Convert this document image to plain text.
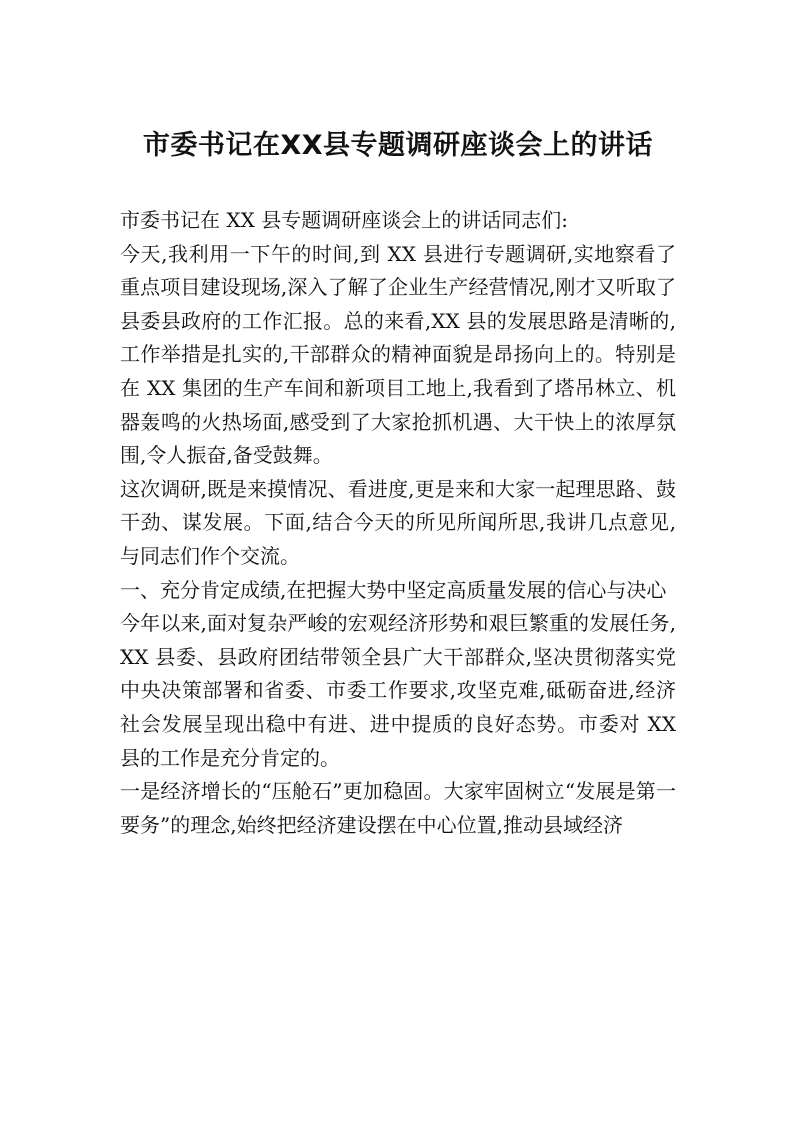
市委书记在XX县专题调研座谈会上的讲话

市委书记在 XX 县专题调研座谈会上的讲话同志们:

今天,我利用一下午的时间,到 XX 县进行专题调研,实地察看了重点项目建设现场,深入了解了企业生产经营情况,刚才又听取了县委县政府的工作汇报。总的来看,XX 县的发展思路是清晰的,工作举措是扎实的,干部群众的精神面貌是昂扬向上的。特别是在 XX 集团的生产车间和新项目工地上,我看到了塔吊林立、机器轰鸣的火热场面,感受到了大家抢抓机遇、大干快上的浓厚氛围,令人振奋,备受鼓舞。

这次调研,既是来摸情况、看进度,更是来和大家一起理思路、鼓干劲、谋发展。下面,结合今天的所见所闻所思,我讲几点意见,与同志们作个交流。

一、充分肯定成绩,在把握大势中坚定高质量发展的信心与决心

今年以来,面对复杂严峻的宏观经济形势和艰巨繁重的发展任务,XX 县委、县政府团结带领全县广大干部群众,坚决贯彻落实党中央决策部署和省委、市委工作要求,攻坚克难,砥砺奋进,经济社会发展呈现出稳中有进、进中提质的良好态势。市委对 XX 县的工作是充分肯定的。

一是经济增长的“压舱石”更加稳固。大家牢固树立“发展是第一要务”的理念,始终把经济建设摆在中心位置,推动县域经济
